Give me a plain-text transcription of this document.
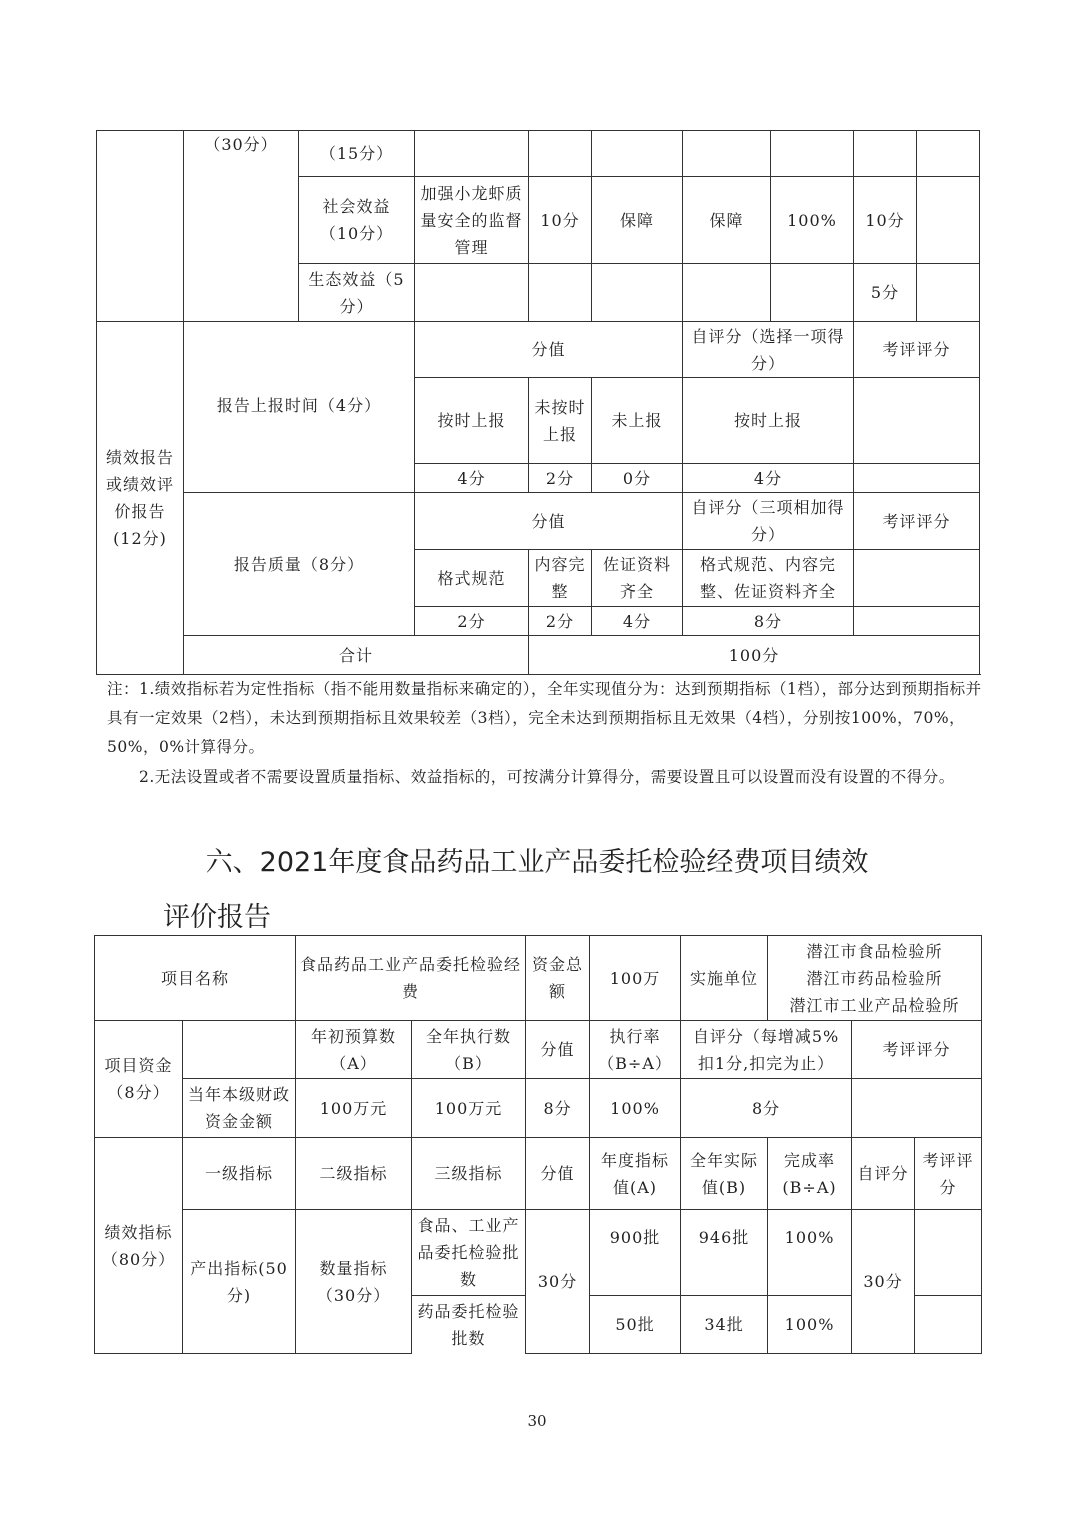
	（30分）	（15分）							
		社会效益（10分）	加强小龙虾质量安全的监督管理	10分	保障	保障	100%	10分	
		生态效益（5分）						5分	
绩效报告或绩效评价报告(12分)	报告上报时间（4分）		分值			自评分（选择一项得分）		考评评分	
			按时上报	未按时上报	未上报	按时上报			
			4分	2分	0分	4分			
	报告质量（8分）		分值			自评分（三项相加得分）		考评评分	
			格式规范	内容完整	佐证资料齐全	格式规范、内容完整、佐证资料齐全			
			2分	2分	4分	8分			
	合计			100分					

注：1.绩效指标若为定性指标（指不能用数量指标来确定的），全年实现值分为：达到预期指标（1档），部分达到预期指标并具有一定效果（2档），未达到预期指标且效果较差（3档），完全未达到预期指标且无效果（4档），分别按100%，70%，50%，0%计算得分。

2.无法设置或者不需要设置质量指标、效益指标的，可按满分计算得分，需要设置且可以设置而没有设置的不得分。

六、2021年度食品药品工业产品委托检验经费项目绩效
评价报告
项目名称		食品药品工业产品委托检验经费		资金总额	100万	实施单位	潜江市食品检验所
潜江市药品检验所
潜江市工业产品检验所		

项目资金（8分）		年初预算数（A）	全年执行数（B）	分值	执行率（B÷A）	自评分（每增减5%扣1分,扣完为止）		考评评分	
	当年本级财政资金金额	100万元	100万元	8分	100%	8分			
绩效指标（80分）	一级指标	二级指标	三级指标	分值	年度指标值(A)	全年实际值(B)	完成率(B÷A)	自评分	考评评分
	产出指标(50分)	数量指标（30分）	食品、工业产品委托检验批数	30分	900批	946批	100%	30分	
			药品委托检验批数		50批	34批	100%		
30
